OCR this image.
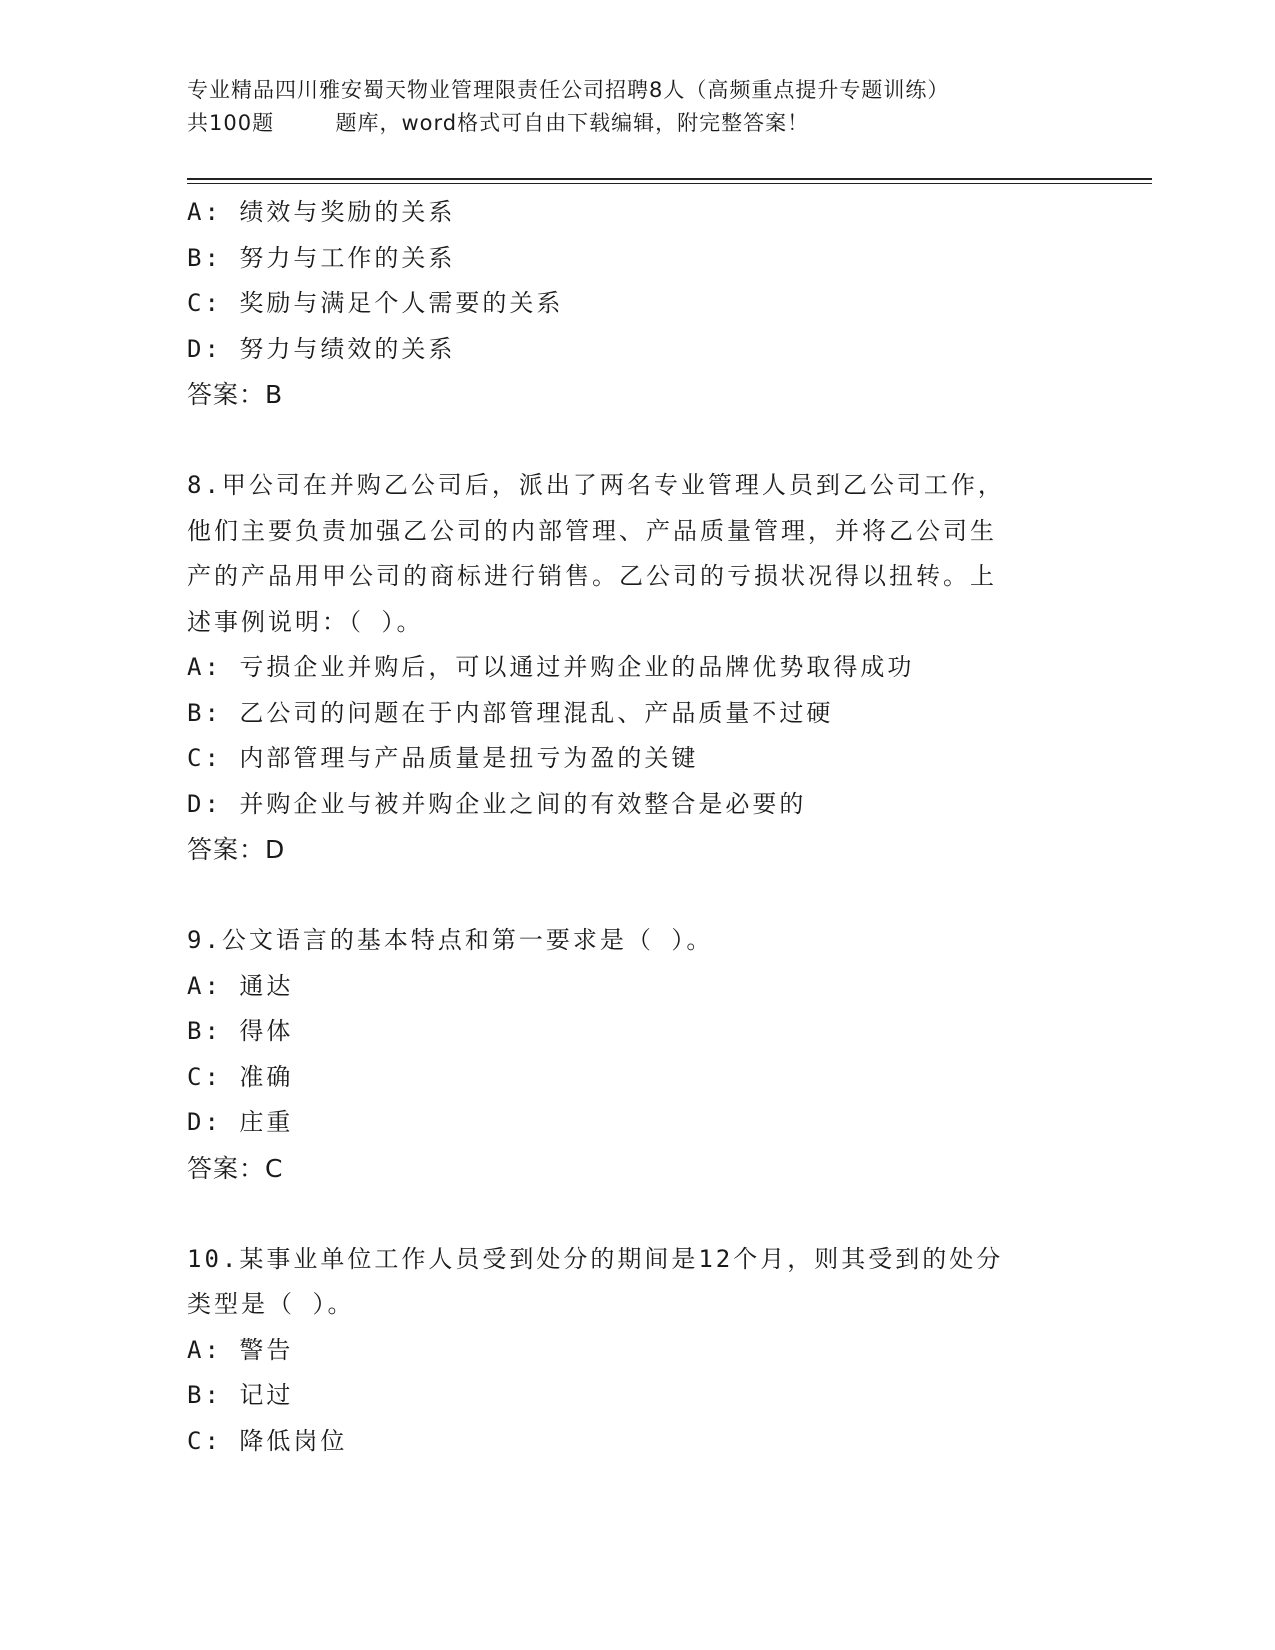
专业精品四川雅安蜀天物业管理限责任公司招聘8人（高频重点提升专题训练）
共100题        题库，word格式可自由下载编辑，附完整答案！
A: 绩效与奖励的关系
B: 努力与工作的关系
C: 奖励与满足个人需要的关系
D: 努力与绩效的关系
答案：B
8.甲公司在并购乙公司后，派出了两名专业管理人员到乙公司工作，
他们主要负责加强乙公司的内部管理、产品质量管理，并将乙公司生
产的产品用甲公司的商标进行销售。乙公司的亏损状况得以扭转。上
述事例说明：（ ）。
A: 亏损企业并购后，可以通过并购企业的品牌优势取得成功
B: 乙公司的问题在于内部管理混乱、产品质量不过硬
C: 内部管理与产品质量是扭亏为盈的关键
D: 并购企业与被并购企业之间的有效整合是必要的
答案：D
9.公文语言的基本特点和第一要求是（ ）。
A: 通达
B: 得体
C: 准确
D: 庄重
答案：C
10.某事业单位工作人员受到处分的期间是12个月，则其受到的处分
类型是（ ）。
A: 警告
B: 记过
C: 降低岗位
